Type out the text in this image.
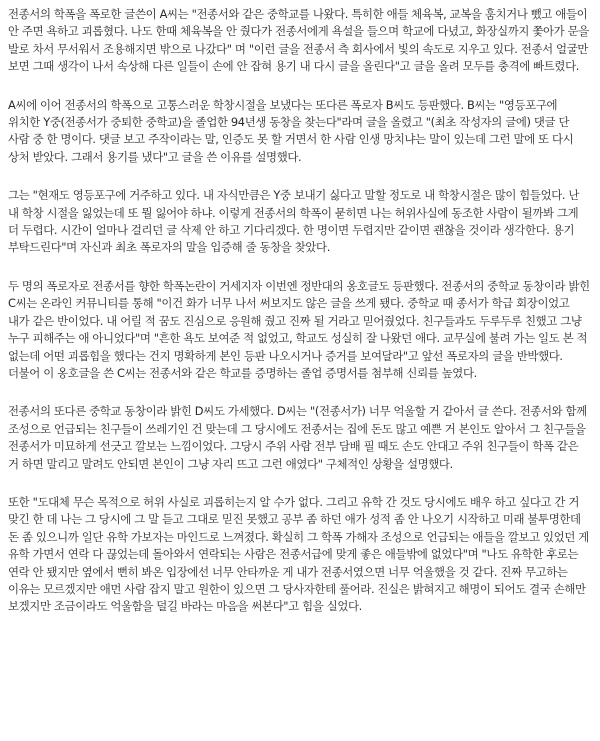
전종서의 학폭을 폭로한 글쓴이 A씨는 "전종서와 같은 중학교를 나왔다. 특히한 애들 체육복, 교복을 훔치거나 뺐고 애들이 안 주면 욕하고 괴롭혔다. 나도 한때 체육복을 안 줬다가 전종서에게 욕설을 들으며 학교에 다녔고, 화장실까지 쫓아가 문을 발로 차서 무서워서 조용해지면 밖으로 나갔다" 며 "이런 글을 전종서 측 회사에서 빛의 속도로 지우고 있다. 전종서 얼굴만 보면 그때 생각이 나서 속상해 다른 일들이 손에 안 잡혀 용기 내 다시 글을 올린다"고 글을 올려 모두를 충격에 빠트렸다.

A씨에 이어 전종서의 학폭으로 고통스러운 학창시절을 보냈다는 또다른 폭로자 B씨도 등판했다. B씨는 "영등포구에 위치한 Y중(전종서가 중퇴한 중학교)을 졸업한 94년생 동창을 찾는다"라며 글을 올렸고 "(최초 작성자의 글에) 댓글 단 사람 중 한 명이다. 댓글 보고 주작이라는 말, 인증도 못 할 거면서 한 사람 인생 망치냐는 말이 있는데 그런 말에 또 다시 상처 받았다. 그래서 용기를 냈다"고 글을 쓴 이유를 설명했다.

그는 "현재도 영등포구에 거주하고 있다. 내 자식만큼은 Y중 보내기 싫다고 말할 정도로 내 학창시절은 많이 힘들었다. 난 내 학창 시절을 잃었는데 또 뭘 잃어야 하냐. 이렇게 전종서의 학폭이 묻히면 나는 허위사실에 동조한 사람이 될까봐 그게 더 두렵다. 시간이 얼마나 걸리던 글 삭제 안 하고 기다리겠다. 한 명이면 두렵지만 같이면 괜찮을 것이라 생각한다. 용기 부탁드린다"며 자신과 최초 폭로자의 말을 입증해 줄 동창을 찾았다.

두 명의 폭로자로 전종서를 향한 학폭논란이 거세지자 이번엔 정반대의 옹호글도 등판했다. 전종서의 중학교 동창이라 밝힌 C씨는 온라인 커뮤니티를 통해 "이건 화가 너무 나서 써보지도 않은 글을 쓰게 됐다. 중학교 때 종서가 학급 회장이었고 내가 같은 반이었다. 내 어릴 적 꿈도 진심으로 응원해 줬고 진짜 될 거라고 믿어줬었다. 친구들과도 두루두루 친했고 그냥 누구 피해주는 애 아니었다"며 "흔한 욕도 보여준 적 없었고, 학교도 성실히 잘 나왔던 애다. 교무실에 불려 가는 일도 본 적 없는데 어떤 괴롭힘을 했다는 건지 명확하게 본인 등판 나오시거나 증거를 보여달라"고 앞선 폭로자의 글을 반박했다. 더불어 이 옹호글을 쓴 C씨는 전종서와 같은 학교를 증명하는 졸업 증명서를 첨부해 신뢰를 높였다.

전종서의 또다른 중학교 동창이라 밝힌 D씨도 가세했다. D씨는 "(전종서가) 너무 억울할 거 같아서 글 쓴다. 전종서와 함께 조성으로 언급되는 친구들이 쓰레기인 건 맞는데 그 당시에도 전종서는 집에 돈도 많고 예쁜 거 본인도 알아서 그 친구들을 전종서가 미묘하게 선긋고 깔보는 느낌이었다. 그당시 주위 사람 전부 담배 필 때도 손도 안대고 주위 친구들이 학폭 같은 거 하면 말리고 말려도 안되면 본인이 그냥 자리 뜨고 그런 애였다" 구체적인 상황을 설명했다.

또한 "도대체 무슨 목적으로 허위 사실로 괴롭히는지 알 수가 없다. 그리고 유학 간 것도 당시에도 배우 하고 싶다고 간 거 맞긴 한 데 나는 그 당시에 그 말 듣고 그대로 믿진 못했고 공부 좀 하던 애가 성적 좀 안 나오기 시작하고 미래 불투명한데 돈 좀 있으니까 일단 유학 가보자는 마인드로 느껴졌다. 확실히 그 학폭 가해자 조성으로 언급되는 애들을 깔보고 있었던 게 유학 가면서 연락 다 끊었는데 돌아와서 연락되는 사람은 전종서급에 맞게 좋은 애들밖에 없었다"며 "나도 유학한 후로는 연락 안 됐지만 옆에서 뻔히 봐온 입장에선 너무 안타까운 게 내가 전종서였으면 너무 억울했을 것 같다. 진짜 무고하는 이유는 모르겠지만 애먼 사람 잡지 말고 원한이 있으면 그 당사자한테 풀어라. 진실은 밝혀지고 해명이 되어도 결국 손해만 보겠지만 조금이라도 억울함을 덜길 바라는 마음을 써본다"고 힘을 실었다.
